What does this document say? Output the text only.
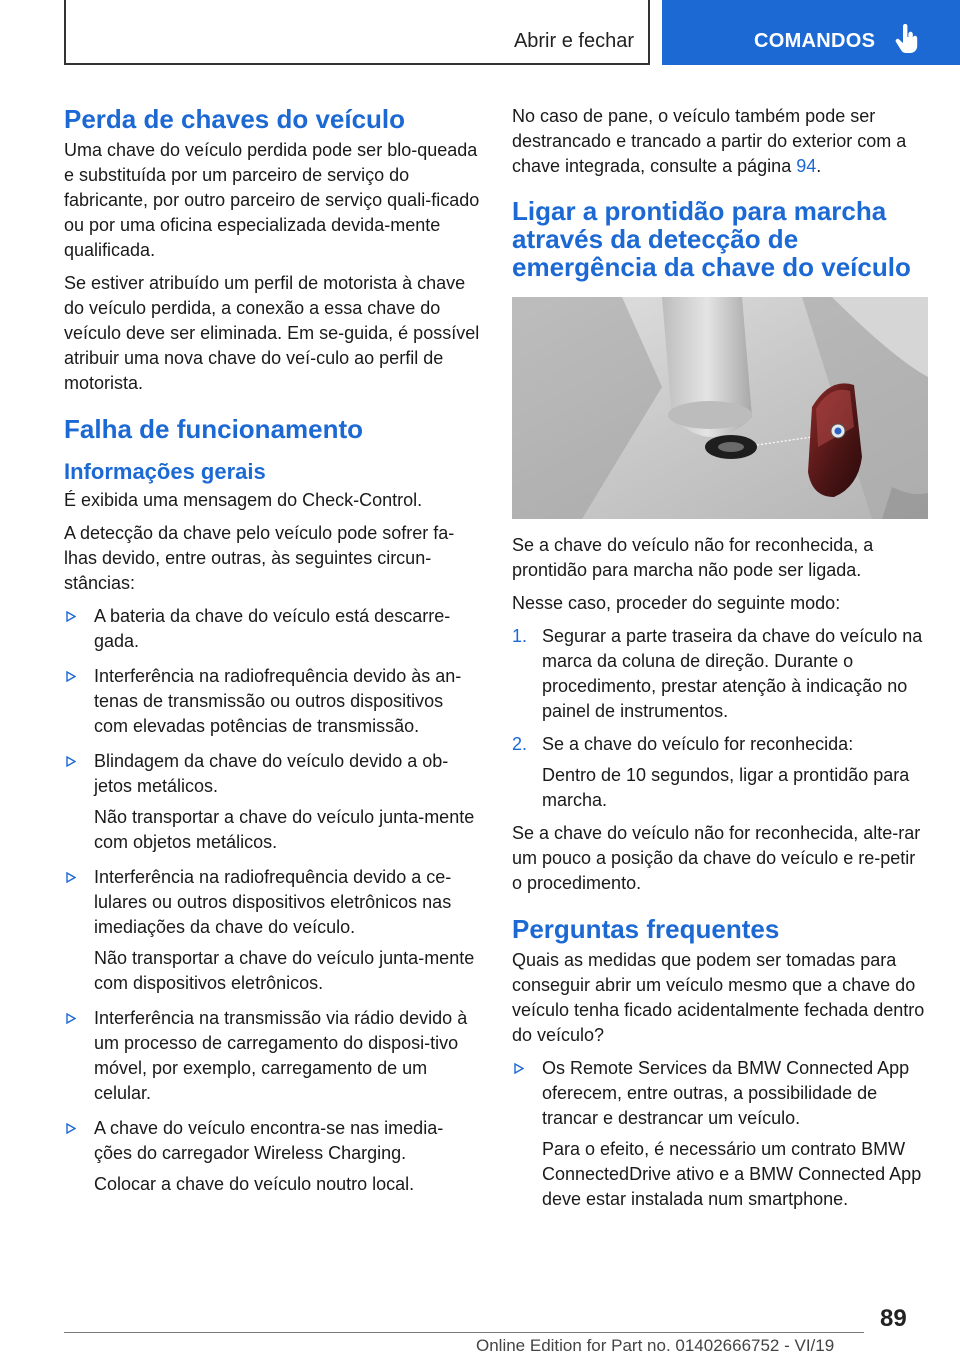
Abrir e fechar	COMANDOS
Perda de chaves do veículo

Uma chave do veículo perdida pode ser blo-queada e substituída por um parceiro de serviço do fabricante, por outro parceiro de serviço quali-ficado ou por uma oficina especializada devida-mente qualificada.

Se estiver atribuído um perfil de motorista à chave do veículo perdida, a conexão a essa chave do veículo deve ser eliminada. Em se-guida, é possível atribuir uma nova chave do veí-culo ao perfil de motorista.

Falha de funcionamento
Informações gerais

É exibida uma mensagem do Check-Control.

A detecção da chave pelo veículo pode sofrer fa-lhas devido, entre outras, às seguintes circun-stâncias:

A bateria da chave do veículo está descarre-gada.

Interferência na radiofrequência devido às an-tenas de transmissão ou outros dispositivos com elevadas potências de transmissão.

Blindagem da chave do veículo devido a ob-jetos metálicos.

Não transportar a chave do veículo junta-mente com objetos metálicos.

Interferência na radiofrequência devido a ce-lulares ou outros dispositivos eletrônicos nas imediações da chave do veículo.

Não transportar a chave do veículo junta-mente com dispositivos eletrônicos.

Interferência na transmissão via rádio devido à um processo de carregamento do disposi-tivo móvel, por exemplo, carregamento de um celular.

A chave do veículo encontra-se nas imedia-ções do carregador Wireless Charging.

Colocar a chave do veículo noutro local.

No caso de pane, o veículo também pode ser destrancado e trancado a partir do exterior com a chave integrada, consulte a página 94.

Ligar a prontidão para marcha através da detecção de emergência da chave do veículo

Se a chave do veículo não for reconhecida, a prontidão para marcha não pode ser ligada.

Nesse caso, proceder do seguinte modo:

1. Segurar a parte traseira da chave do veículo na marca da coluna de direção. Durante o procedimento, prestar atenção à indicação no painel de instrumentos.

2. Se a chave do veículo for reconhecida:

Dentro de 10 segundos, ligar a prontidão para marcha.

Se a chave do veículo não for reconhecida, alte-rar um pouco a posição da chave do veículo e re-petir o procedimento.

Perguntas frequentes

Quais as medidas que podem ser tomadas para conseguir abrir um veículo mesmo que a chave do veículo tenha ficado acidentalmente fechada dentro do veículo?

Os Remote Services da BMW Connected App oferecem, entre outras, a possibilidade de trancar e destrancar um veículo.

Para o efeito, é necessário um contrato BMW ConnectedDrive ativo e a BMW Connected App deve estar instalada num smartphone.

89
Online Edition for Part no. 01402666752 - VI/19
